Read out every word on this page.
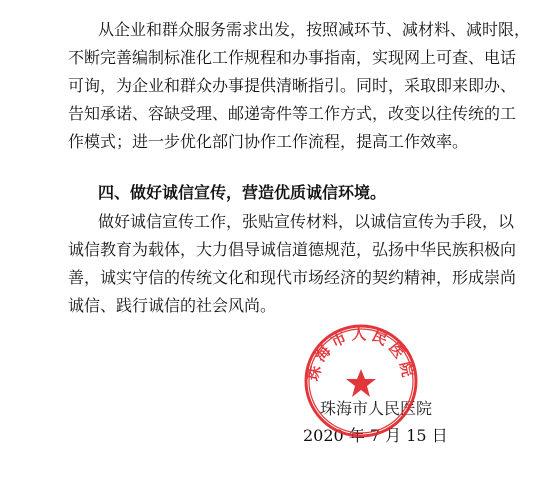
从企业和群众服务需求出发，按照减环节、减材料、减时限，
不断完善编制标准化工作规程和办事指南，实现网上可查、电话
可询，为企业和群众办事提供清晰指引。同时，采取即来即办、
告知承诺、容缺受理、邮递寄件等工作方式，改变以往传统的工
作模式；进一步优化部门协作工作流程，提高工作效率。
四、做好诚信宣传，营造优质诚信环境。
做好诚信宣传工作，张贴宣传材料，以诚信宣传为手段，以
诚信教育为载体，大力倡导诚信道德规范，弘扬中华民族积极向
善，诚实守信的传统文化和现代市场经济的契约精神，形成崇尚
诚信、践行诚信的社会风尚。
珠海市人民医院
2020 年 7 月 15 日
珠海市人民医院
